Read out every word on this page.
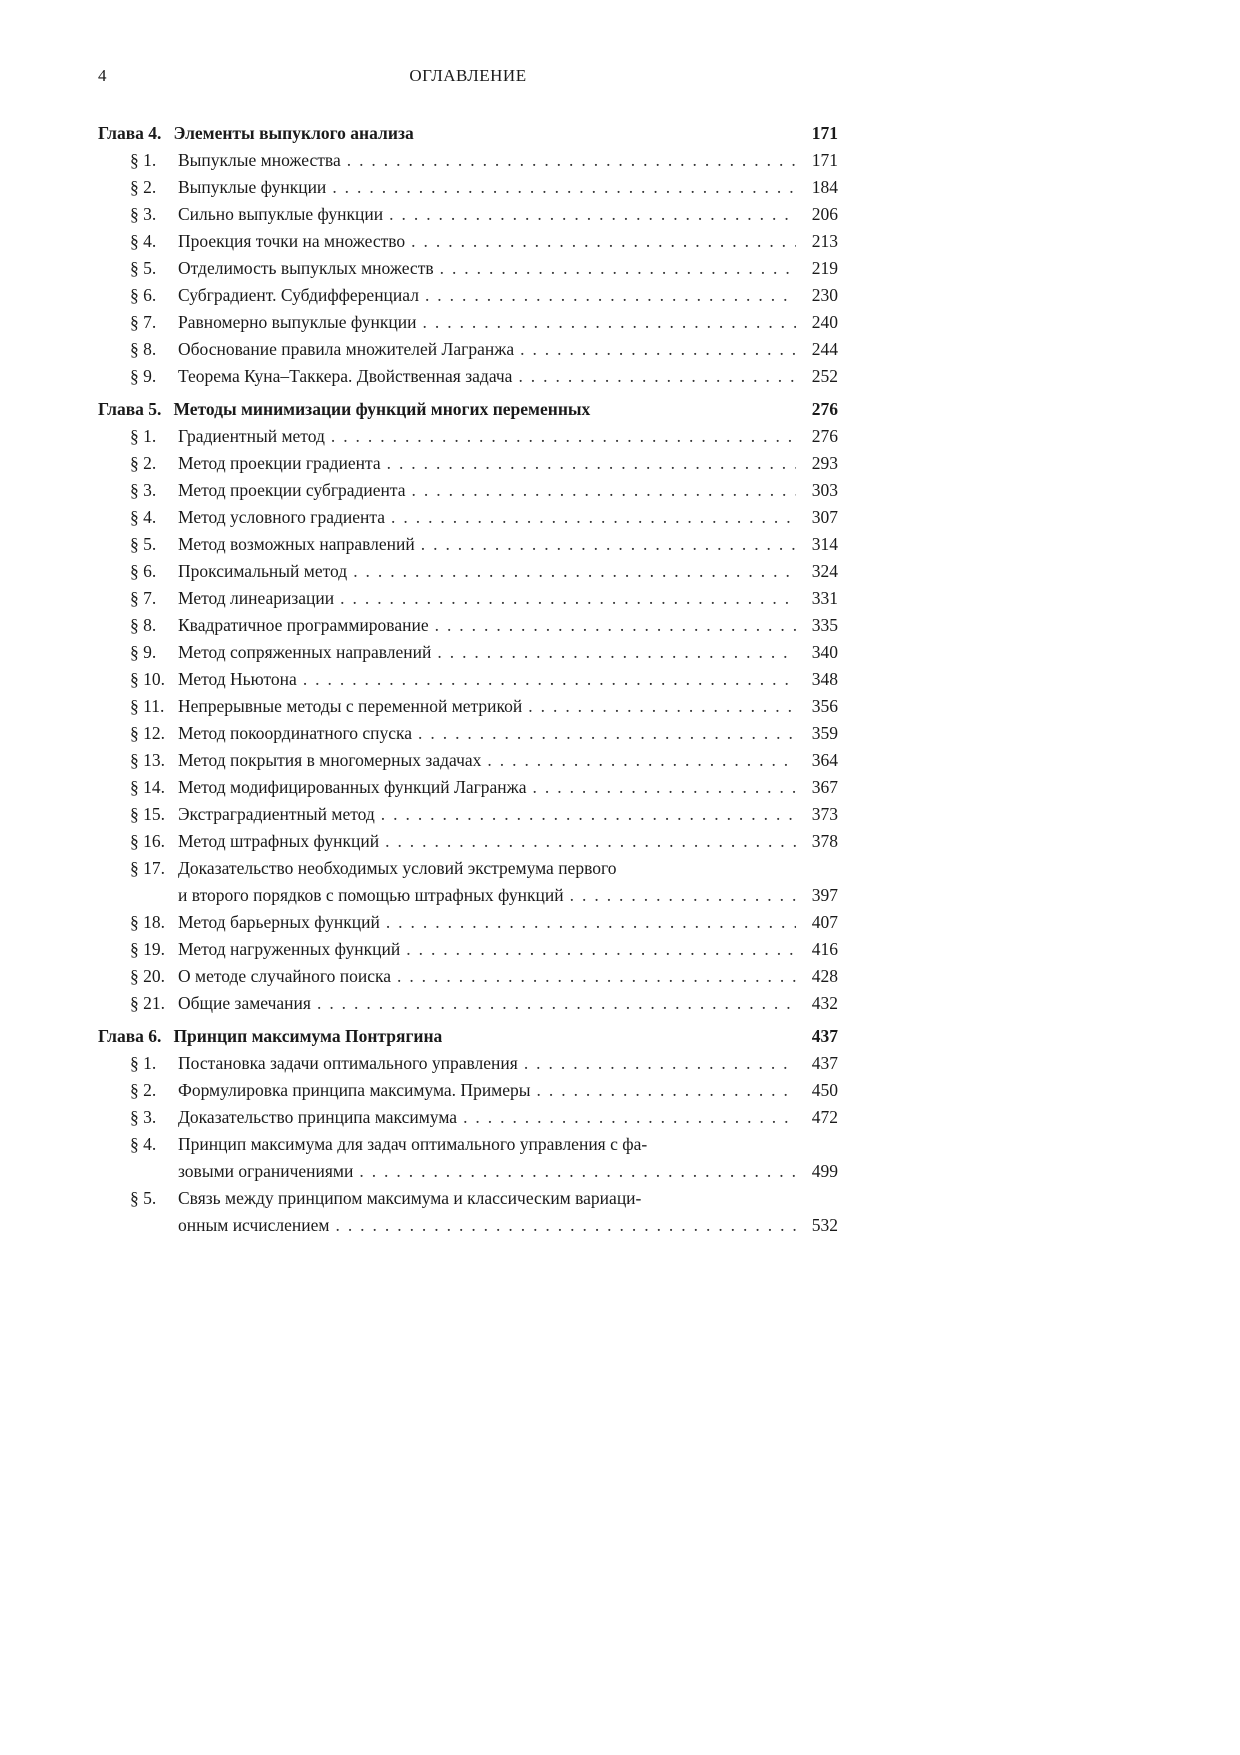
4	ОГЛАВЛЕНИЕ
Глава 4. Элементы выпуклого анализа	171
§ 1.	Выпуклые множества . . .	171
§ 2.	Выпуклые функции . . .	184
§ 3.	Сильно выпуклые функции . . .	206
§ 4.	Проекция точки на множество . . .	213
§ 5.	Отделимость выпуклых множеств . . .	219
§ 6.	Субградиент. Субдифференциал . . .	230
§ 7.	Равномерно выпуклые функции . . .	240
§ 8.	Обоснование правила множителей Лагранжа . . .	244
§ 9.	Теорема Куна–Таккера. Двойственная задача . . .	252
Глава 5. Методы минимизации функций многих переменных	276
§ 1.	Градиентный метод . . .	276
§ 2.	Метод проекции градиента . . .	293
§ 3.	Метод проекции субградиента . . .	303
§ 4.	Метод условного градиента . . .	307
§ 5.	Метод возможных направлений . . .	314
§ 6.	Проксимальный метод . . .	324
§ 7.	Метод линеаризации . . .	331
§ 8.	Квадратичное программирование . . .	335
§ 9.	Метод сопряженных направлений . . .	340
§ 10. Метод Ньютона . . .	348
§ 11. Непрерывные методы с переменной метрикой . . .	356
§ 12. Метод покоординатного спуска . . .	359
§ 13. Метод покрытия в многомерных задачах . . .	364
§ 14. Метод модифицированных функций Лагранжа . . .	367
§ 15. Экстраградиентный метод . . .	373
§ 16. Метод штрафных функций . . .	378
§ 17. Доказательство необходимых условий экстремума первого
и второго порядков с помощью штрафных функций . . .	397
§ 18. Метод барьерных функций . . .	407
§ 19. Метод нагруженных функций . . .	416
§ 20. О методе случайного поиска . . .	428
§ 21. Общие замечания . . .	432
Глава 6. Принцип максимума Понтрягина	437
§ 1.	Постановка задачи оптимального управления . . .	437
§ 2.	Формулировка принципа максимума. Примеры . . .	450
§ 3.	Доказательство принципа максимума . . .	472
§ 4.	Принцип максимума для задач оптимального управления с фа-
зовыми ограничениями . . .	499
§ 5.	Связь между принципом максимума и классическим вариаци-
онным исчислением . . .	532
